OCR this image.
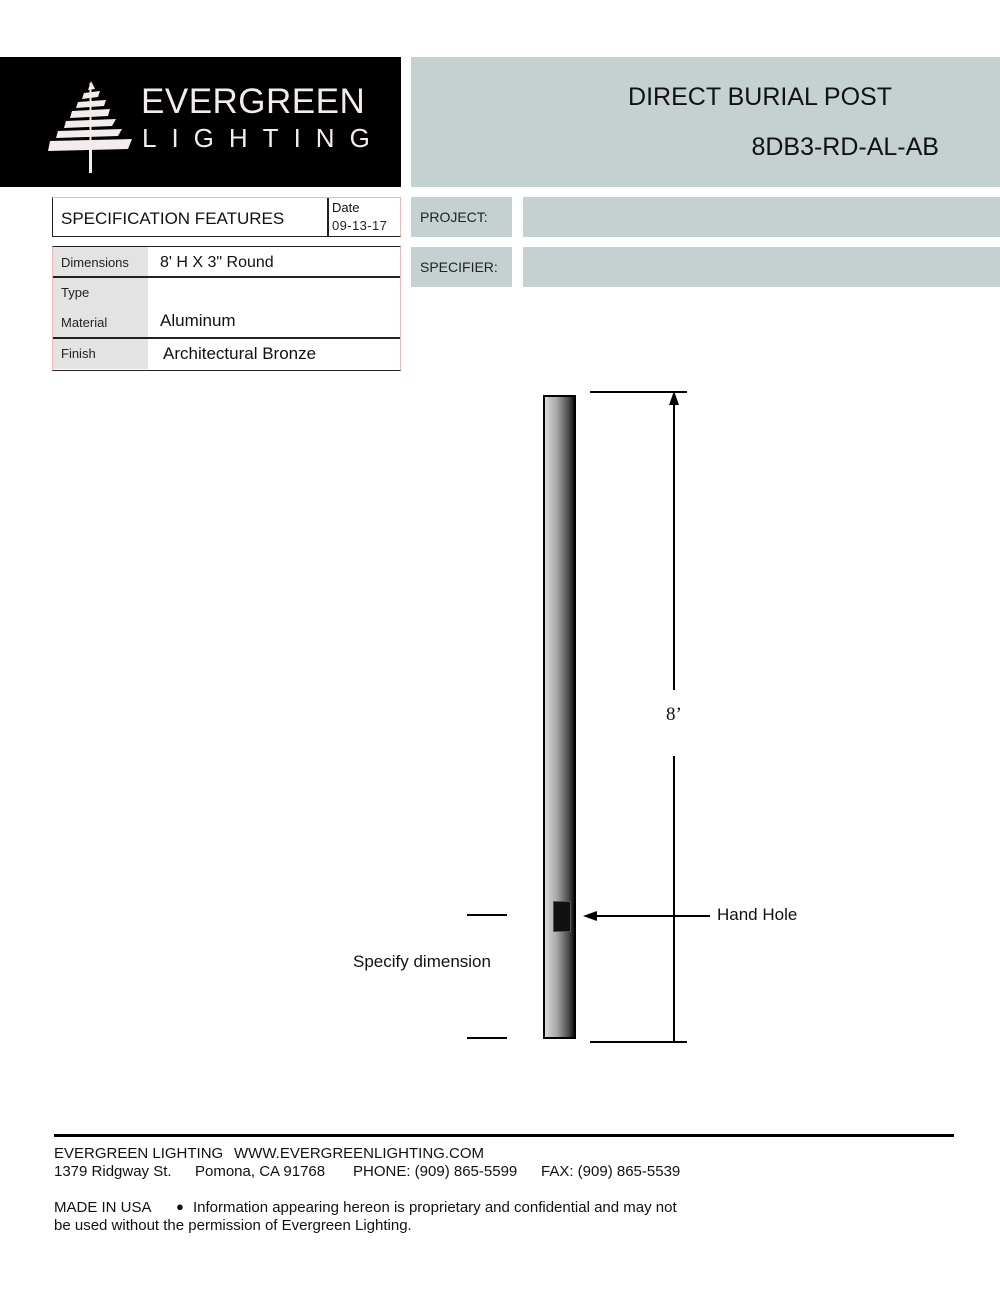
EVERGREEN
LIGHTING
DIRECT BURIAL POST
8DB3-RD-AL-AB
PROJECT:
SPECIFIER:
SPECIFICATION FEATURES
Date
09-13-17
Dimensions 8' H X 3" Round
Type
Material	Aluminum
Finish	Architectural Bronze
8’
Hand Hole
Specify dimension
EVERGREEN LIGHTING WWW.EVERGREENLIGHTING.COM
1379 Ridgway St. Pomona, CA 91768 PHONE: (909) 865-5599 FAX: (909) 865-5539
MADE IN USA ● Information appearing hereon is proprietary and confidential and may not
be used without the permission of Evergreen Lighting.
